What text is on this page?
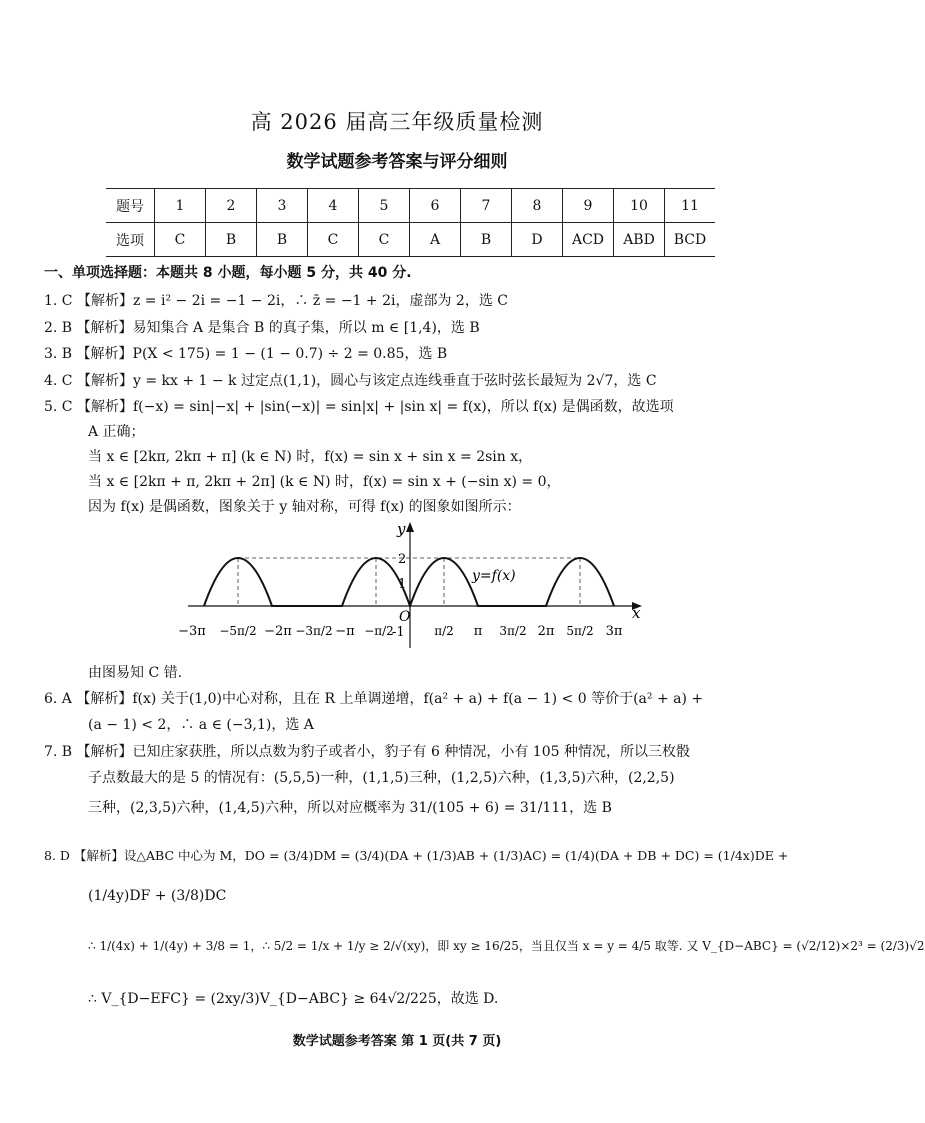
高 2026 届高三年级质量检测
数学试题参考答案与评分细则
题号	1	2	3	4	5	6	7	8	9	10	11
选项	C	B	B	C	C	A	B	D	ACD	ABD	BCD
一、单项选择题：本题共 8 小题，每小题 5 分，共 40 分.
1. C 【解析】z = i² − 2i = −1 − 2i，∴ z̄ = −1 + 2i，虚部为 2，选 C
2. B 【解析】易知集合 A 是集合 B 的真子集，所以 m ∈ [1,4)，选 B
3. B 【解析】P(X < 175) = 1 − (1 − 0.7) ÷ 2 = 0.85，选 B
4. C 【解析】y = kx + 1 − k 过定点(1,1)，圆心与该定点连线垂直于弦时弦长最短为 2√7，选 C
5. C 【解析】f(−x) = sin|−x| + |sin(−x)| = sin|x| + |sin x| = f(x)，所以 f(x) 是偶函数，故选项
A 正确；
当 x ∈ [2kπ, 2kπ + π] (k ∈ N) 时，f(x) = sin x + sin x = 2sin x，
当 x ∈ [2kπ + π, 2kπ + 2π] (k ∈ N) 时，f(x) = sin x + (−sin x) = 0，
因为 f(x) 是偶函数，图象关于 y 轴对称，可得 f(x) 的图象如图所示：
y
x
2
1
-1
O
y=f(x)
−3π −5π/2 −2π −3π/2 −π −π/2	π/2 π 3π/2 2π 5π/2 3π
由图易知 C 错.
6. A 【解析】f(x) 关于(1,0)中心对称，且在 R 上单调递增，f(a² + a) + f(a − 1) < 0 等价于(a² + a) +
(a − 1) < 2，∴ a ∈ (−3,1)，选 A
7. B 【解析】已知庄家获胜，所以点数为豹子或者小，豹子有 6 种情况，小有 105 种情况，所以三枚骰
子点数最大的是 5 的情况有：(5,5,5)一种，(1,1,5)三种，(1,2,5)六种，(1,3,5)六种，(2,2,5)
三种，(2,3,5)六种，(1,4,5)六种，所以对应概率为 31/(105 + 6) = 31/111，选 B
8. D 【解析】设△ABC 中心为 M，DO = (3/4)DM = (3/4)(DA + (1/3)AB + (1/3)AC) = (1/4)(DA + DB + DC) = (1/4x)DE +
(1/4y)DF + (3/8)DC
∴ 1/(4x) + 1/(4y) + 3/8 = 1，∴ 5/2 = 1/x + 1/y ≥ 2/√(xy)，即 xy ≥ 16/25，当且仅当 x = y = 4/5 取等. 又 V_{D−ABC} = (√2/12)×2³ = (2/3)√2
∴ V_{D−EFC} = (2xy/3)V_{D−ABC} ≥ 64√2/225，故选 D.
数学试题参考答案 第 1 页(共 7 页)
